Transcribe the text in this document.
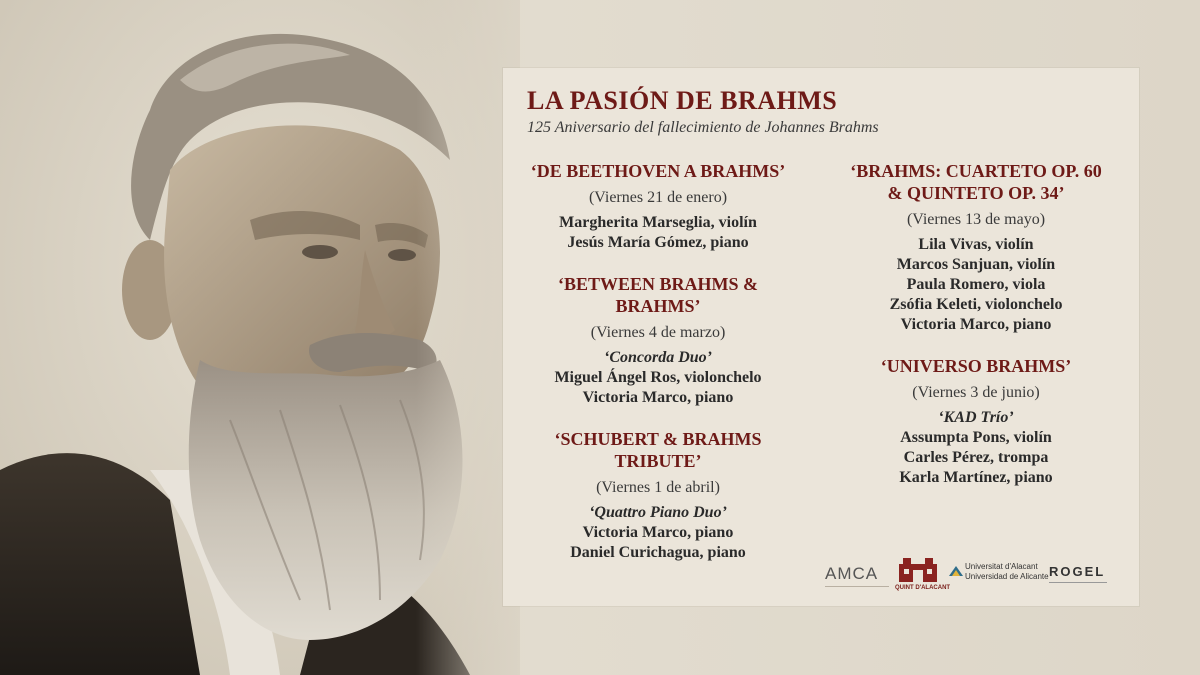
LA PASIÓN DE BRAHMS
125 Aniversario del fallecimiento de Johannes Brahms
‘DE BEETHOVEN A BRAHMS’
(Viernes 21 de enero)
Margherita Marseglia, violín
Jesús María Gómez, piano
‘BETWEEN BRAHMS &
BRAHMS’
(Viernes 4 de marzo)
‘Concorda Duo’
Miguel Ángel Ros, violonchelo
Victoria Marco, piano
‘SCHUBERT & BRAHMS
TRIBUTE’
(Viernes 1 de abril)
‘Quattro Piano Duo’
Victoria Marco, piano
Daniel Curichagua, piano
‘BRAHMS: CUARTETO OP. 60
& QUINTETO OP. 34’
(Viernes 13 de mayo)
Lila Vivas, violín
Marcos Sanjuan, violín
Paula Romero, viola
Zsófia Keleti, violonchelo
Victoria Marco, piano
‘UNIVERSO BRAHMS’
(Viernes 3 de junio)
‘KAD Trío’
Assumpta Pons, violín
Carles Pérez, trompa
Karla Martínez, piano
AMCA
QUINT D'ALACANT
Universitat d'Alacant
Universidad de Alicante ROGEL
